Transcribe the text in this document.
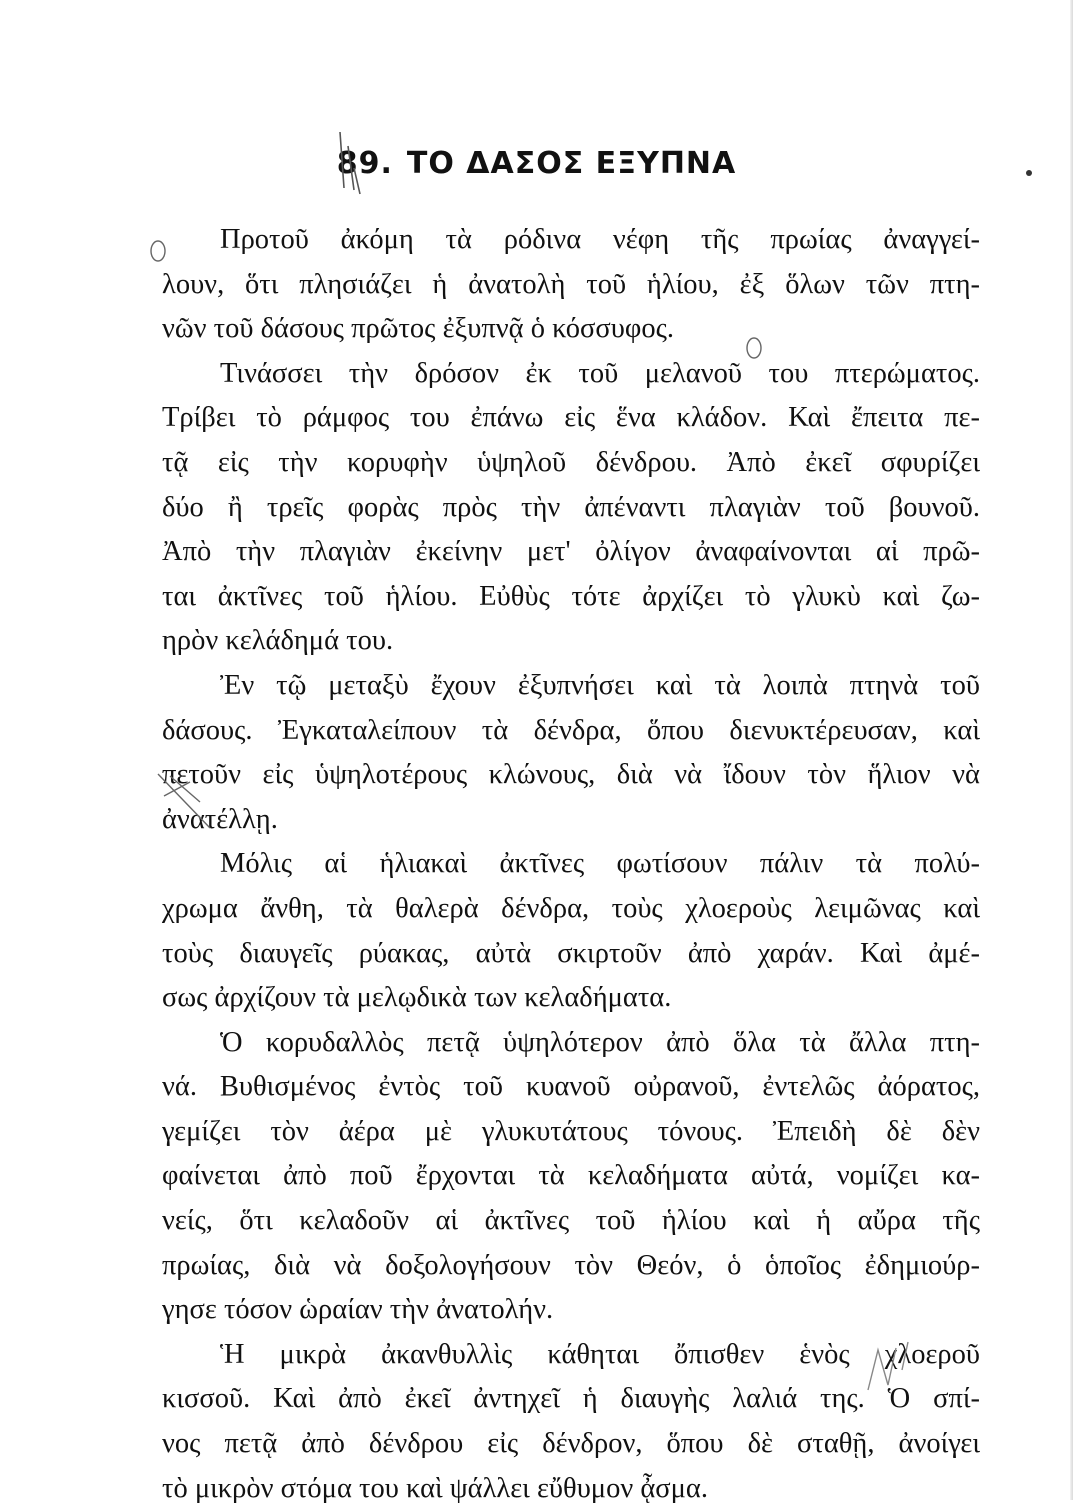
89. ΤΟ ΔΑΣΟΣ ΕΞΥΠΝΑ
Προτοῦ ἀκόμη τὰ ρόδινα νέφη τῆς πρωίας ἀναγγεί-
λουν, ὅτι πλησιάζει ἡ ἀνατολὴ τοῦ ἡλίου, ἐξ ὅλων τῶν πτη-
νῶν τοῦ δάσους πρῶτος ἐξυπνᾷ ὁ κόσσυφος.
Τινάσσει τὴν δρόσον ἐκ τοῦ μελανοῦ του πτερώματος.
Τρίβει τὸ ράμφος του ἐπάνω εἰς ἕνα κλάδον. Καὶ ἔπειτα πε-
τᾷ εἰς τὴν κορυφὴν ὑψηλοῦ δένδρου. Ἀπὸ ἐκεῖ σφυρίζει
δύο ἢ τρεῖς φορὰς πρὸς τὴν ἀπέναντι πλαγιὰν τοῦ βουνοῦ.
Ἀπὸ τὴν πλαγιὰν ἐκείνην μετ' ὀλίγον ἀναφαίνονται αἱ πρῶ-
ται ἀκτῖνες τοῦ ἡλίου. Εὐθὺς τότε ἀρχίζει τὸ γλυκὺ καὶ ζω-
ηρὸν κελάδημά του.
Ἐν τῷ μεταξὺ ἔχουν ἐξυπνήσει καὶ τὰ λοιπὰ πτηνὰ τοῦ
δάσους. Ἐγκαταλείπουν τὰ δένδρα, ὅπου διενυκτέρευσαν, καὶ
πετοῦν εἰς ὑψηλοτέρους κλώνους, διὰ νὰ ἴδουν τὸν ἥλιον νὰ
ἀνατέλλῃ.
Μόλις αἱ ἡλιακαὶ ἀκτῖνες φωτίσουν πάλιν τὰ πολύ-
χρωμα ἄνθη, τὰ θαλερὰ δένδρα, τοὺς χλοερoὺς λειμῶνας καὶ
τοὺς διαυγεῖς ρύακας, αὐτὰ σκιρτοῦν ἀπὸ χαράν. Καὶ ἀμέ-
σως ἀρχίζουν τὰ μελῳδικὰ των κελαδήματα.
Ὁ κορυδαλλὸς πετᾷ ὑψηλότερον ἀπὸ ὅλα τὰ ἄλλα πτη-
νά. Βυθισμένος ἐντὸς τοῦ κυανοῦ οὐρανοῦ, ἐντελῶς ἀόρατος,
γεμίζει τὸν ἀέρα μὲ γλυκυτάτους τόνους. Ἐπειδὴ δὲ δὲν
φαίνεται ἀπὸ ποῦ ἔρχονται τὰ κελαδήματα αὐτά, νομίζει κα-
νείς, ὅτι κελαδοῦν αἱ ἀκτῖνες τοῦ ἡλίου καὶ ἡ αὔρα τῆς
πρωίας, διὰ νὰ δοξολογήσουν τὸν Θεόν, ὁ ὁποῖος ἐδημιούρ-
γησε τόσον ὡραίαν τὴν ἀνατολήν.
Ἡ μικρὰ ἀκανθυλλὶς κάθηται ὄπισθεν ἑνὸς χλοεροῦ
κισσοῦ. Καὶ ἀπὸ ἐκεῖ ἀντηχεῖ ἡ διαυγὴς λαλιά της. Ὁ σπί-
νος πετᾷ ἀπὸ δένδρου εἰς δένδρον, ὅπου δὲ σταθῇ, ἀνοίγει
τὸ μικρὸν στόμα του καὶ ψάλλει εὔθυμον ᾆσμα.
